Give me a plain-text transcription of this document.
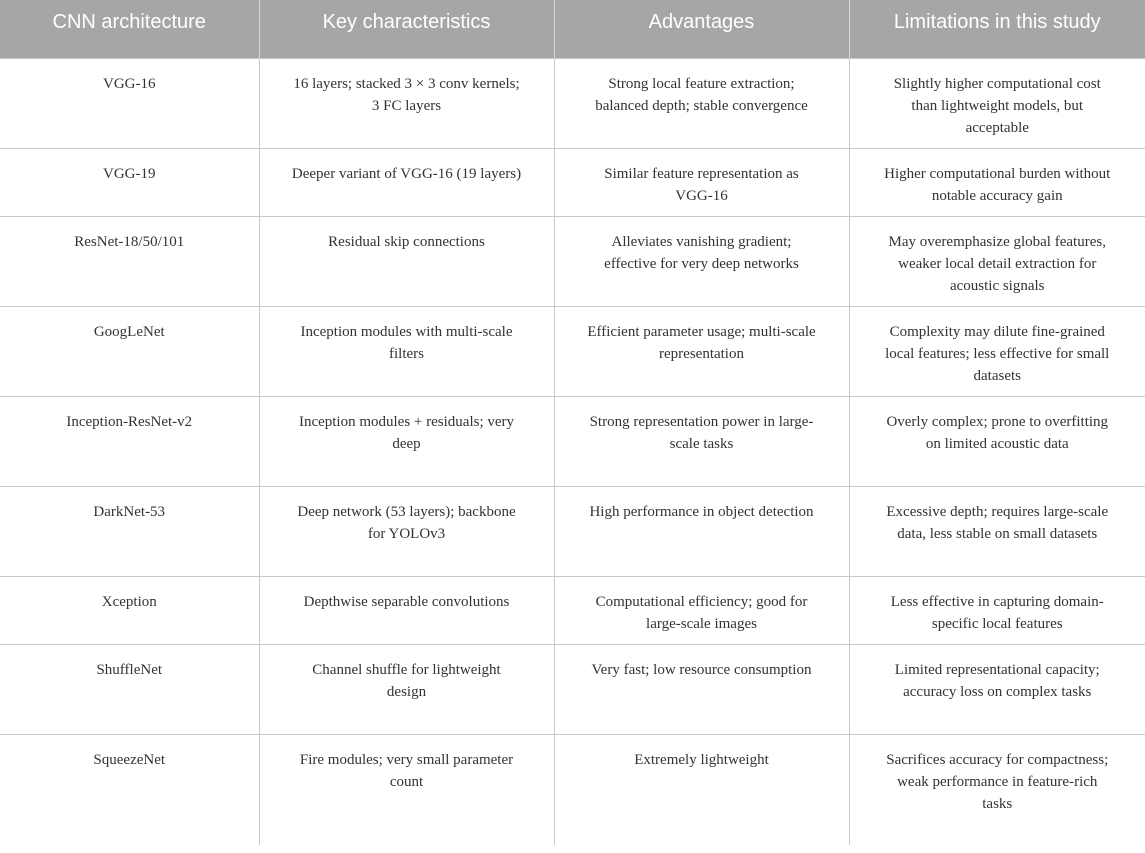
CNN architecture	Key characteristics	Advantages	Limitations in this study
VGG-16	16 layers; stacked 3 × 3 conv kernels; 3 FC layers	Strong local feature extraction; balanced depth; stable convergence	Slightly higher computational cost than lightweight models, but acceptable
VGG-19	Deeper variant of VGG-16 (19 layers)	Similar feature representation as VGG-16	Higher computational burden without notable accuracy gain
ResNet-18/50/101	Residual skip connections	Alleviates vanishing gradient; effective for very deep networks	May overemphasize global features, weaker local detail extraction for acoustic signals
GoogLeNet	Inception modules with multi-scale filters	Efficient parameter usage; multi-scale representation	Complexity may dilute fine-grained local features; less effective for small datasets
Inception-ResNet-v2	Inception modules + residuals; very deep	Strong representation power in large-scale tasks	Overly complex; prone to overfitting on limited acoustic data
DarkNet-53	Deep network (53 layers); backbone for YOLOv3	High performance in object detection	Excessive depth; requires large-scale data, less stable on small datasets
Xception	Depthwise separable convolutions	Computational efficiency; good for large-scale images	Less effective in capturing domain-specific local features
ShuffleNet	Channel shuffle for lightweight design	Very fast; low resource consumption	Limited representational capacity; accuracy loss on complex tasks
SqueezeNet	Fire modules; very small parameter count	Extremely lightweight	Sacrifices accuracy for compactness; weak performance in feature-rich tasks
